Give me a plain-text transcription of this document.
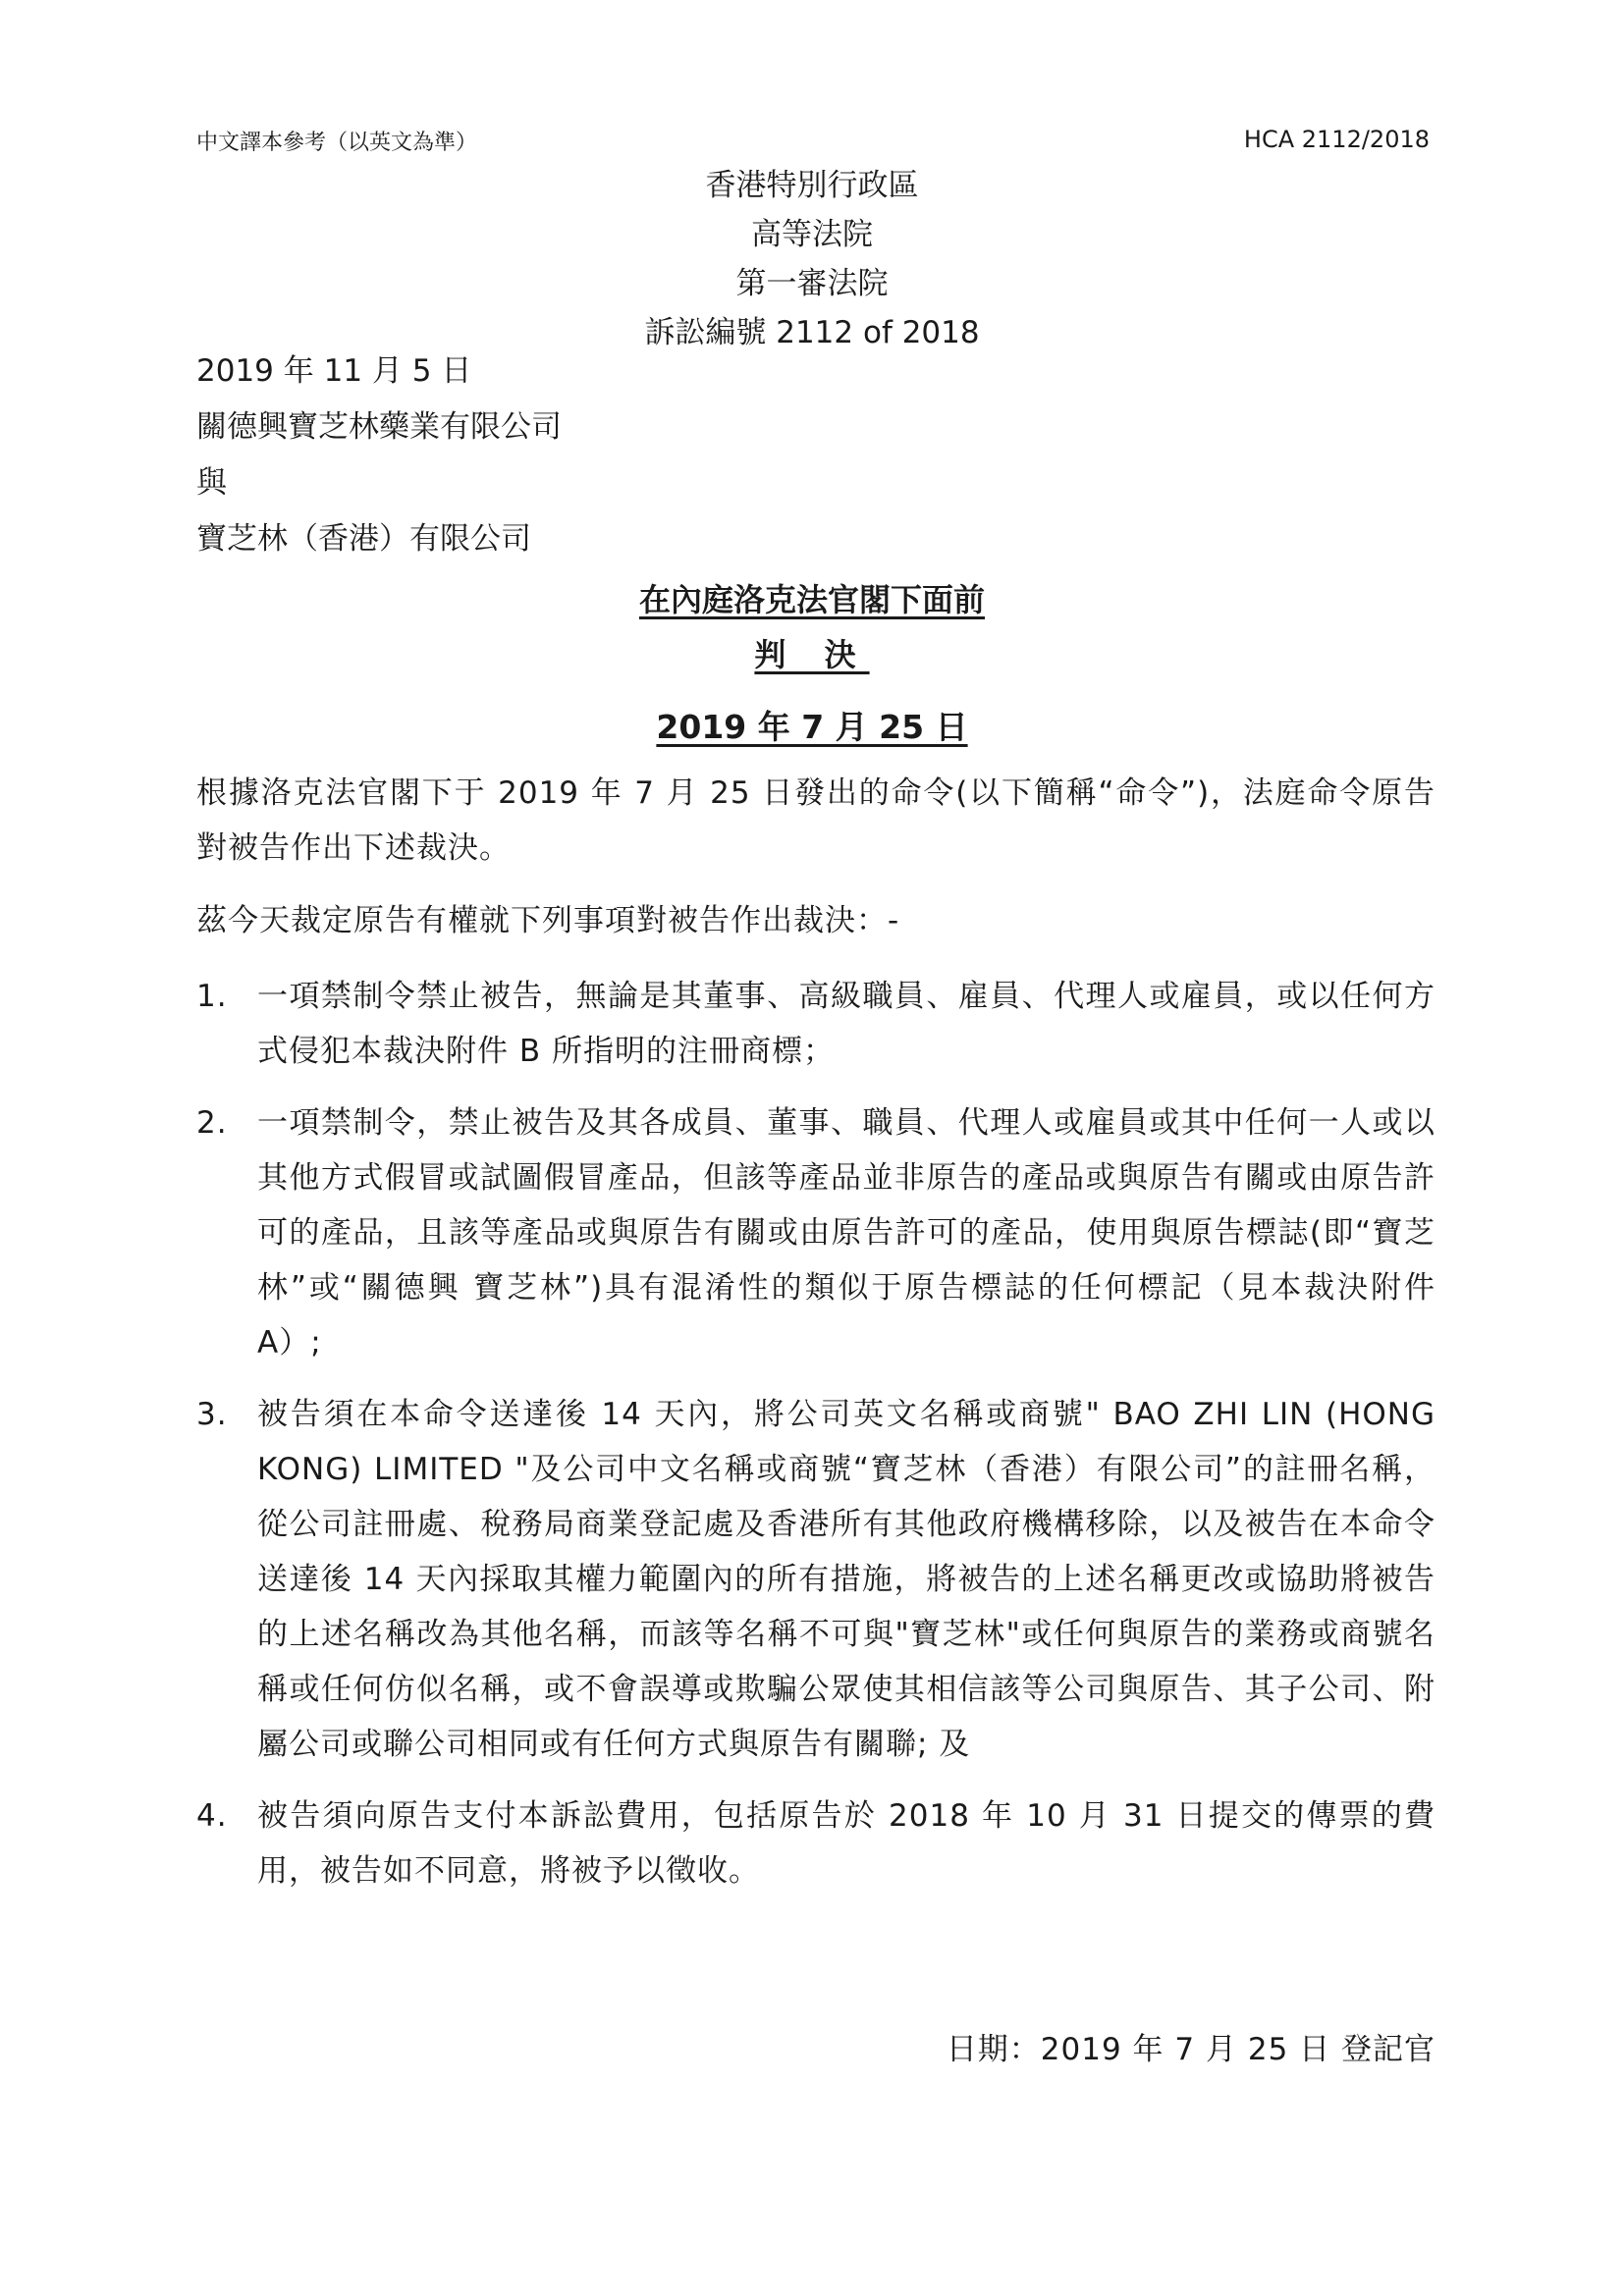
中文譯本參考（以英文為準）	HCA 2112/2018
香港特別行政區
高等法院
第一審法院
訴訟編號 2112 of 2018
2019 年 11 月 5 日
關德興寶芝林藥業有限公司
與
寶芝林（香港）有限公司
在內庭洛克法官閣下面前
判 決
2019 年 7 月 25 日
根據洛克法官閣下于 2019 年 7 月 25 日發出的命令(以下簡稱“命令”)，法庭命令原告對被告作出下述裁決。
茲今天裁定原告有權就下列事項對被告作出裁決：-
1. 一項禁制令禁止被告，無論是其董事、高級職員、雇員、代理人或雇員，或以任何方式侵犯本裁決附件 B 所指明的注冊商標；
2. 一項禁制令，禁止被告及其各成員、董事、職員、代理人或雇員或其中任何一人或以其他方式假冒或試圖假冒產品，但該等產品並非原告的產品或與原告有關或由原告許可的產品，且該等產品或與原告有關或由原告許可的產品，使用與原告標誌(即“寶芝林”或“關德興 寶芝林”)具有混淆性的類似于原告標誌的任何標記（見本裁決附件 A）;
3. 被告須在本命令送達後 14 天內，將公司英文名稱或商號" BAO ZHI LIN (HONG KONG) LIMITED "及公司中文名稱或商號“寶芝林（香港）有限公司”的註冊名稱，從公司註冊處、稅務局商業登記處及香港所有其他政府機構移除，以及被告在本命令送達後 14 天內採取其權力範圍內的所有措施，將被告的上述名稱更改或協助將被告的上述名稱改為其他名稱，而該等名稱不可與"寶芝林"或任何與原告的業務或商號名稱或任何仿似名稱，或不會誤導或欺騙公眾使其相信該等公司與原告、其子公司、附屬公司或聯公司相同或有任何方式與原告有關聯; 及
4. 被告須向原告支付本訴訟費用，包括原告於 2018 年 10 月 31 日提交的傳票的費用，被告如不同意，將被予以徵收。
日期：2019 年 7 月 25 日 登記官
